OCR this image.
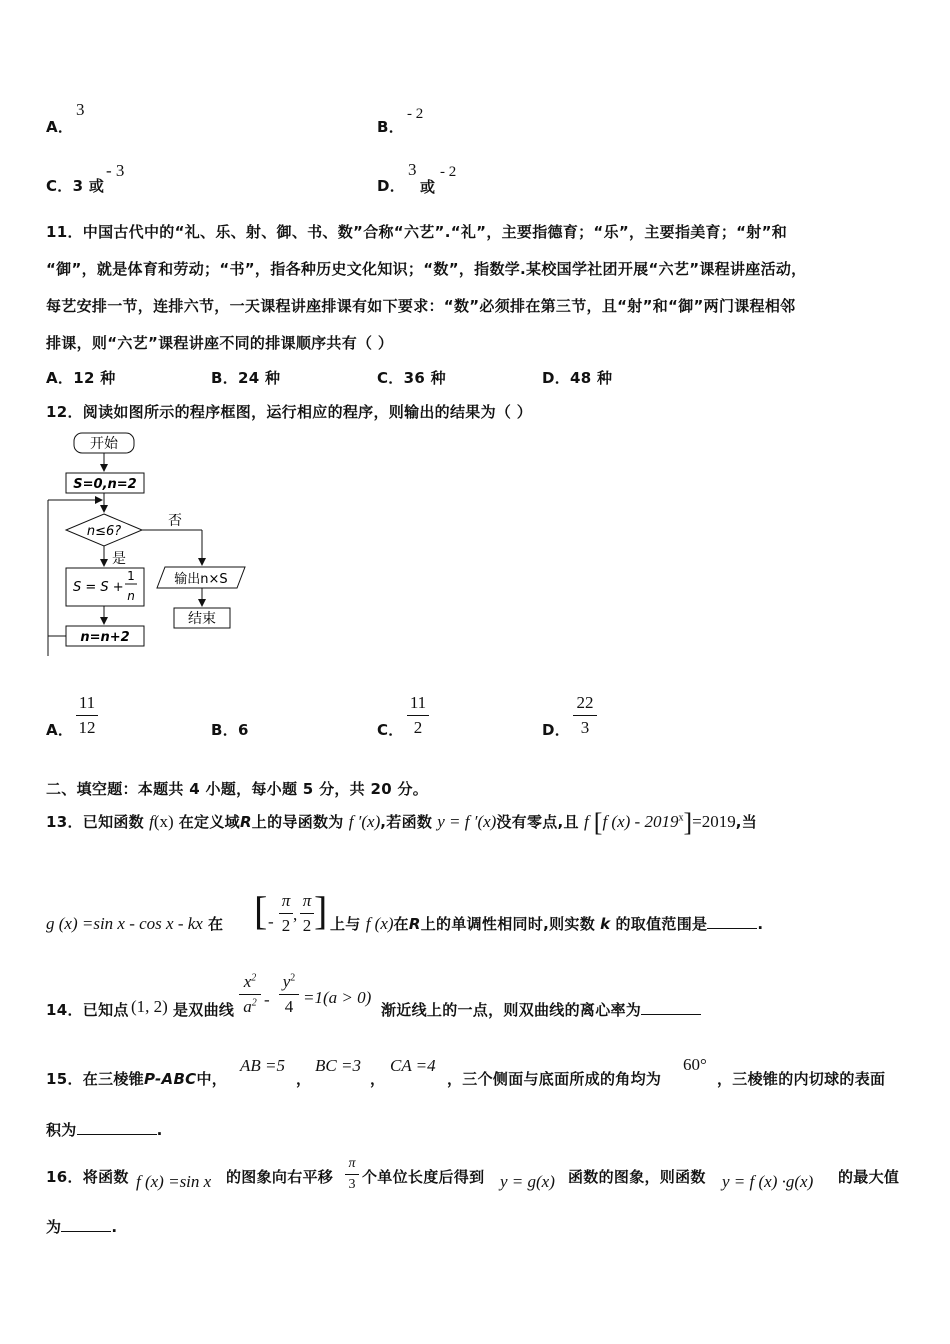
A．
3
B．
- 2
C．3 或
- 3
D．
3
或
- 2
11．中国古代中的“礼、乐、射、御、书、数”合称“六艺”.“礼”，主要指德育；“乐”，主要指美育；“射”和
“御”，就是体育和劳动；“书”，指各种历史文化知识；“数”，指数学.某校国学社团开展“六艺”课程讲座活动，
每艺安排一节，连排六节，一天课程讲座排课有如下要求：“数”必须排在第三节，且“射”和“御”两门课程相邻
排课，则“六艺”课程讲座不同的排课顺序共有（ ）
A．12 种	B．24 种	C．36 种	D．48 种
12．阅读如图所示的程序框图，运行相应的程序，则输出的结果为（ ）
开始
S=0,n=2
n≤6?
否
是
S = S +
1
n
n=n+2
输出n×S
结束
A．
11
12	B．6	C．
11
2	D．
22
3
二、填空题：本题共 4 小题，每小题 5 分，共 20 分。
13．已知函数 f(x) 在定义域R上的导函数为 f ′(x),若函数 y = f ′(x)没有零点,且 f [f $(x) - 2019^x]=2019$,当
g (x) =sin x - cos x - kx 在 [ -
π
2
,
π
2 ] 上与 f (x)在R上的单调性相同时,则实数 k 的取值范围是	.
14．已知点 (1, 2) 是双曲线
$x^2$
$a^2$ -
$y^2$
4 =1(a > 0)
渐近线上的一点，则双曲线的离心率为
15．在三棱锥P-ABC中，
AB =5
，
BC =3
，
CA =4
，三个侧面与底面所成的角均为
60°
，三棱锥的内切球的表面
积为	.
16．将函数 f (x) =sin x 的图象向右平移
π
3 个单位长度后得到 y = g(x) 函数的图象，则函数 y = f (x) ·g(x) 的最大值
为	.
